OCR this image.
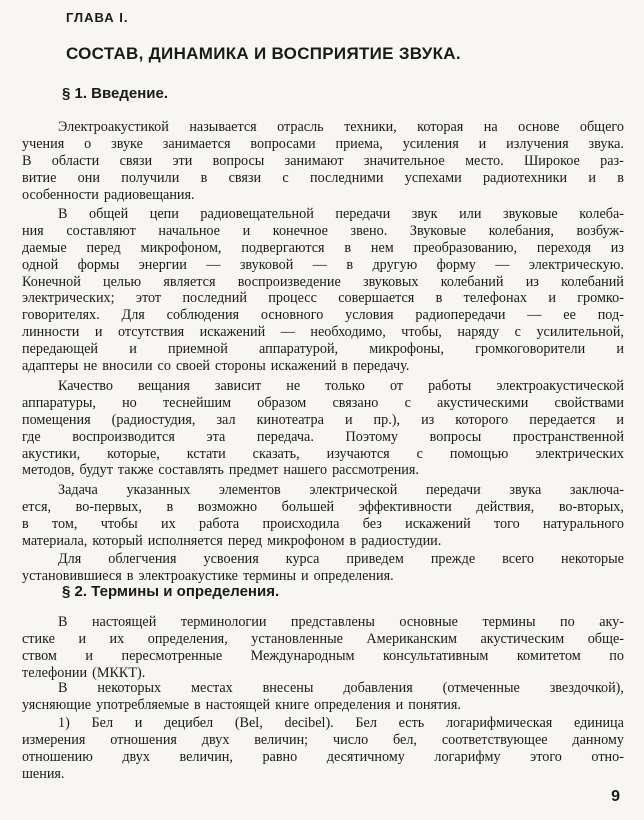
ГЛАВА I.
СОСТАВ, ДИНАМИКА И ВОСПРИЯТИЕ ЗВУКА.
§ 1. Введение.
Электроакустикой называется отрасль техники, которая на основе общего
учения о звуке занимается вопросами приема, усиления и излучения звука.
В области связи эти вопросы занимают значительное место. Широкое раз-
витие они получили в связи с последними успехами радиотехники и в
особенности радиовещания.
В общей цепи радиовещательной передачи звук или звуковые колеба-
ния составляют начальное и конечное звено. Звуковые колебания, возбуж-
даемые перед микрофоном, подвергаются в нем преобразованию, переходя из
одной формы энергии — звуковой — в другую форму — электрическую.
Конечной целью является воспроизведение звуковых колебаний из колебаний
электрических; этот последний процесс совершается в телефонах и громко-
говорителях. Для соблюдения основного условия радиопередачи — ее под-
линности и отсутствия искажений — необходимо, чтобы, наряду с усилительной,
передающей и приемной аппаратурой, микрофоны, громкоговорители и
адаптеры не вносили со своей стороны искажений в передачу.
Качество вещания зависит не только от работы электроакустической
аппаратуры, но теснейшим образом связано с акустическими свойствами
помещения (радиостудия, зал кинотеатра и пр.), из которого передается и
где воспроизводится эта передача. Поэтому вопросы пространственной
акустики, которые, кстати сказать, изучаются с помощью электрических
методов, будут также составлять предмет нашего рассмотрения.
Задача указанных элементов электрической передачи звука заключа-
ется, во-первых, в возможно большей эффективности действия, во-вторых,
в том, чтобы их работа происходила без искажений того натурального
материала, который исполняется перед микрофоном в радиостудии.
Для облегчения усвоения курса приведем прежде всего некоторые
установившиеся в электроакустике термины и определения.
§ 2. Термины и определения.
В настоящей терминологии представлены основные термины по аку-
стике и их определения, установленные Американским акустическим обще-
ством и пересмотренные Международным консультативным комитетом по
телефонии (МККТ).
В некоторых местах внесены добавления (отмеченные звездочкой),
уясняющие употребляемые в настоящей книге определения и понятия.
1) Бел и децибел (Bel, decibel). Бел есть логарифмическая единица
измерения отношения двух величин; число бел, соответствующее данному
отношению двух величин, равно десятичному логарифму этого отно-
шения.
9
